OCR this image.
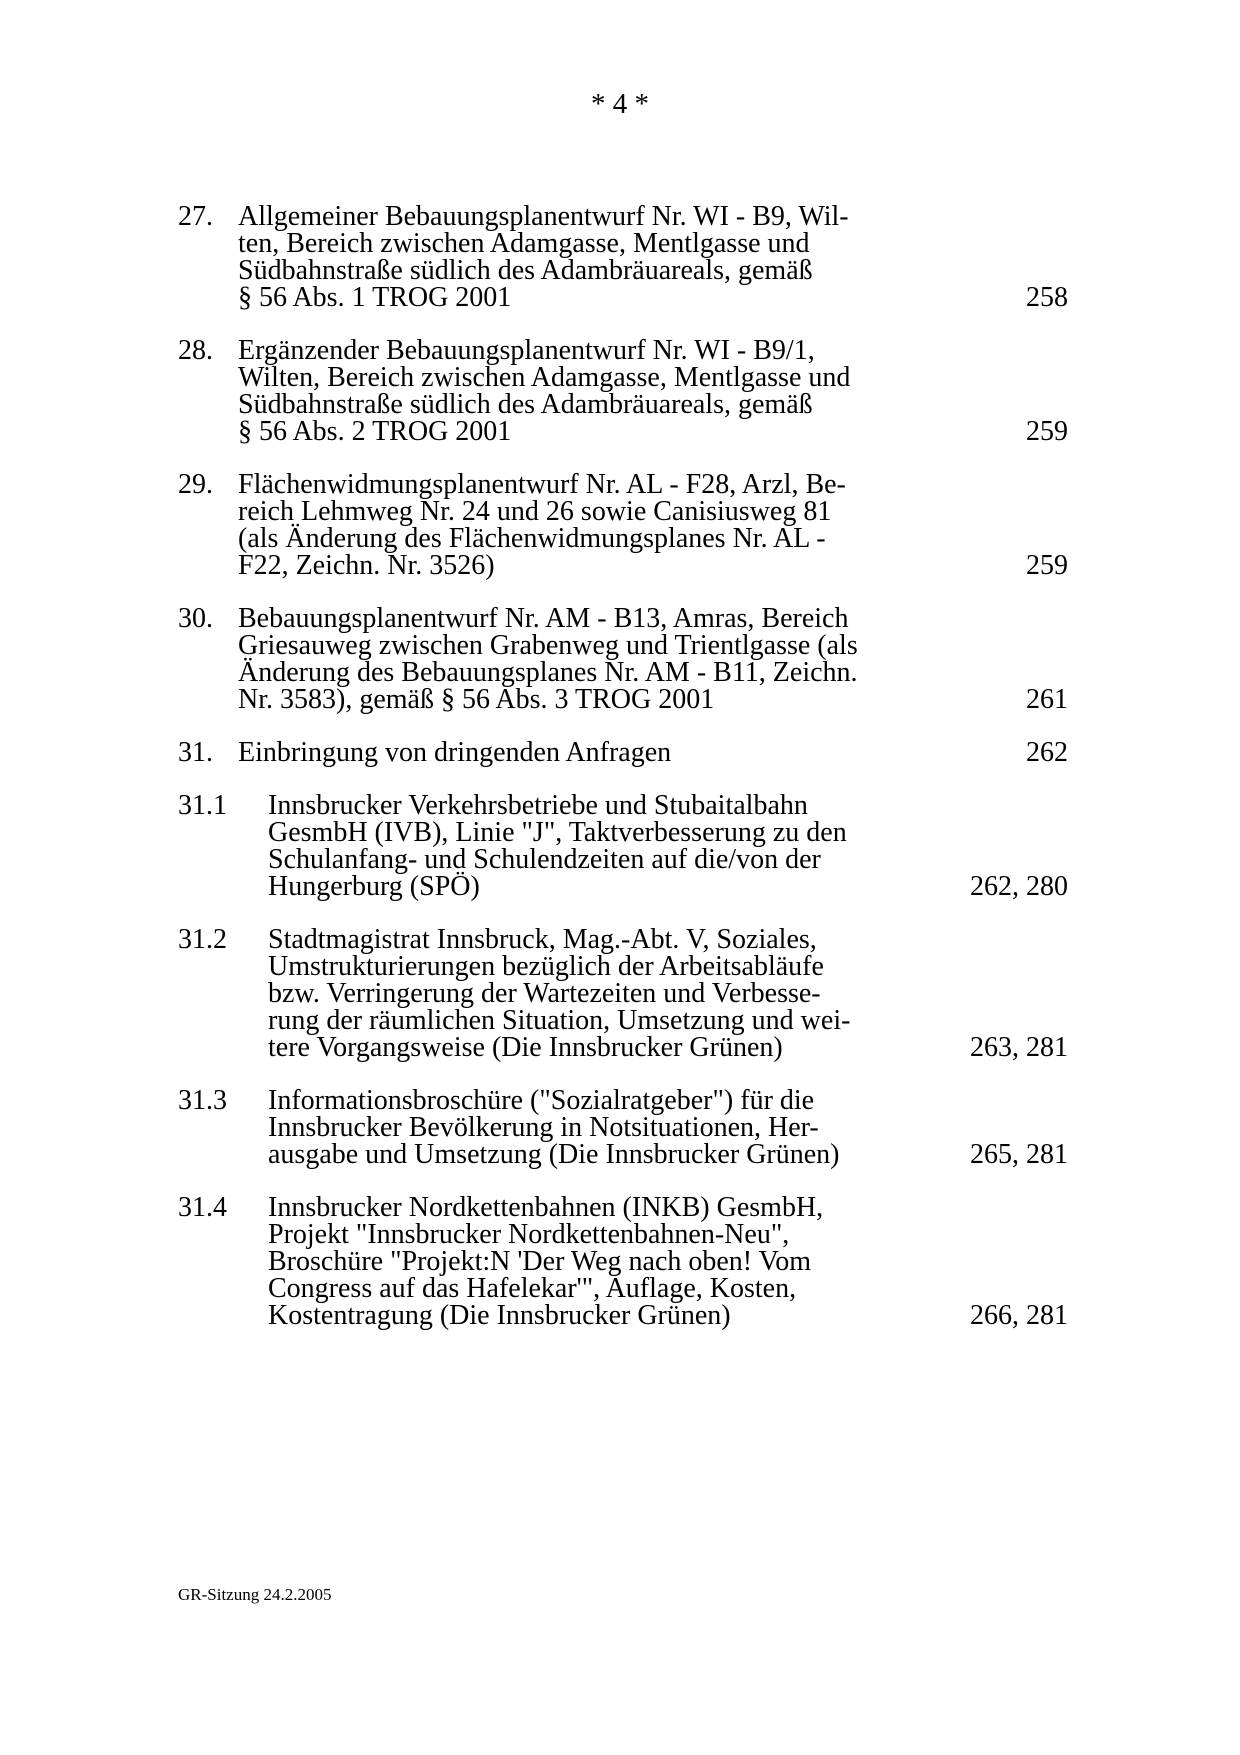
* 4 *
27. Allgemeiner Bebauungsplanentwurf Nr. WI - B9, Wil-
ten, Bereich zwischen Adamgasse, Mentlgasse und
Südbahnstraße südlich des Adambräuareals, gemäß
§ 56 Abs. 1 TROG 2001	258
28. Ergänzender Bebauungsplanentwurf Nr. WI - B9/1,
Wilten, Bereich zwischen Adamgasse, Mentlgasse und
Südbahnstraße südlich des Adambräuareals, gemäß
§ 56 Abs. 2 TROG 2001	259
29. Flächenwidmungsplanentwurf Nr. AL - F28, Arzl, Be-
reich Lehmweg Nr. 24 und 26 sowie Canisiusweg 81
(als Änderung des Flächenwidmungsplanes Nr. AL -
F22, Zeichn. Nr. 3526)	259
30. Bebauungsplanentwurf Nr. AM - B13, Amras, Bereich
Griesauweg zwischen Grabenweg und Trientlgasse (als
Änderung des Bebauungsplanes Nr. AM - B11, Zeichn.
Nr. 3583), gemäß § 56 Abs. 3 TROG 2001	261
31. Einbringung von dringenden Anfragen	262
31.1	Innsbrucker Verkehrsbetriebe und Stubaitalbahn
GesmbH (IVB), Linie "J", Taktverbesserung zu den
Schulanfang- und Schulendzeiten auf die/von der
Hungerburg (SPÖ)	262, 280
31.2	Stadtmagistrat Innsbruck, Mag.-Abt. V, Soziales,
Umstrukturierungen bezüglich der Arbeitsabläufe
bzw. Verringerung der Wartezeiten und Verbesse-
rung der räumlichen Situation, Umsetzung und wei-
tere Vorgangsweise (Die Innsbrucker Grünen)	263, 281
31.3	Informationsbroschüre ("Sozialratgeber") für die
Innsbrucker Bevölkerung in Notsituationen, Her-
ausgabe und Umsetzung (Die Innsbrucker Grünen)	265, 281
31.4	Innsbrucker Nordkettenbahnen (INKB) GesmbH,
Projekt "Innsbrucker Nordkettenbahnen-Neu",
Broschüre "Projekt:N 'Der Weg nach oben! Vom
Congress auf das Hafelekar'", Auflage, Kosten,
Kostentragung (Die Innsbrucker Grünen)	266, 281
GR-Sitzung 24.2.2005
